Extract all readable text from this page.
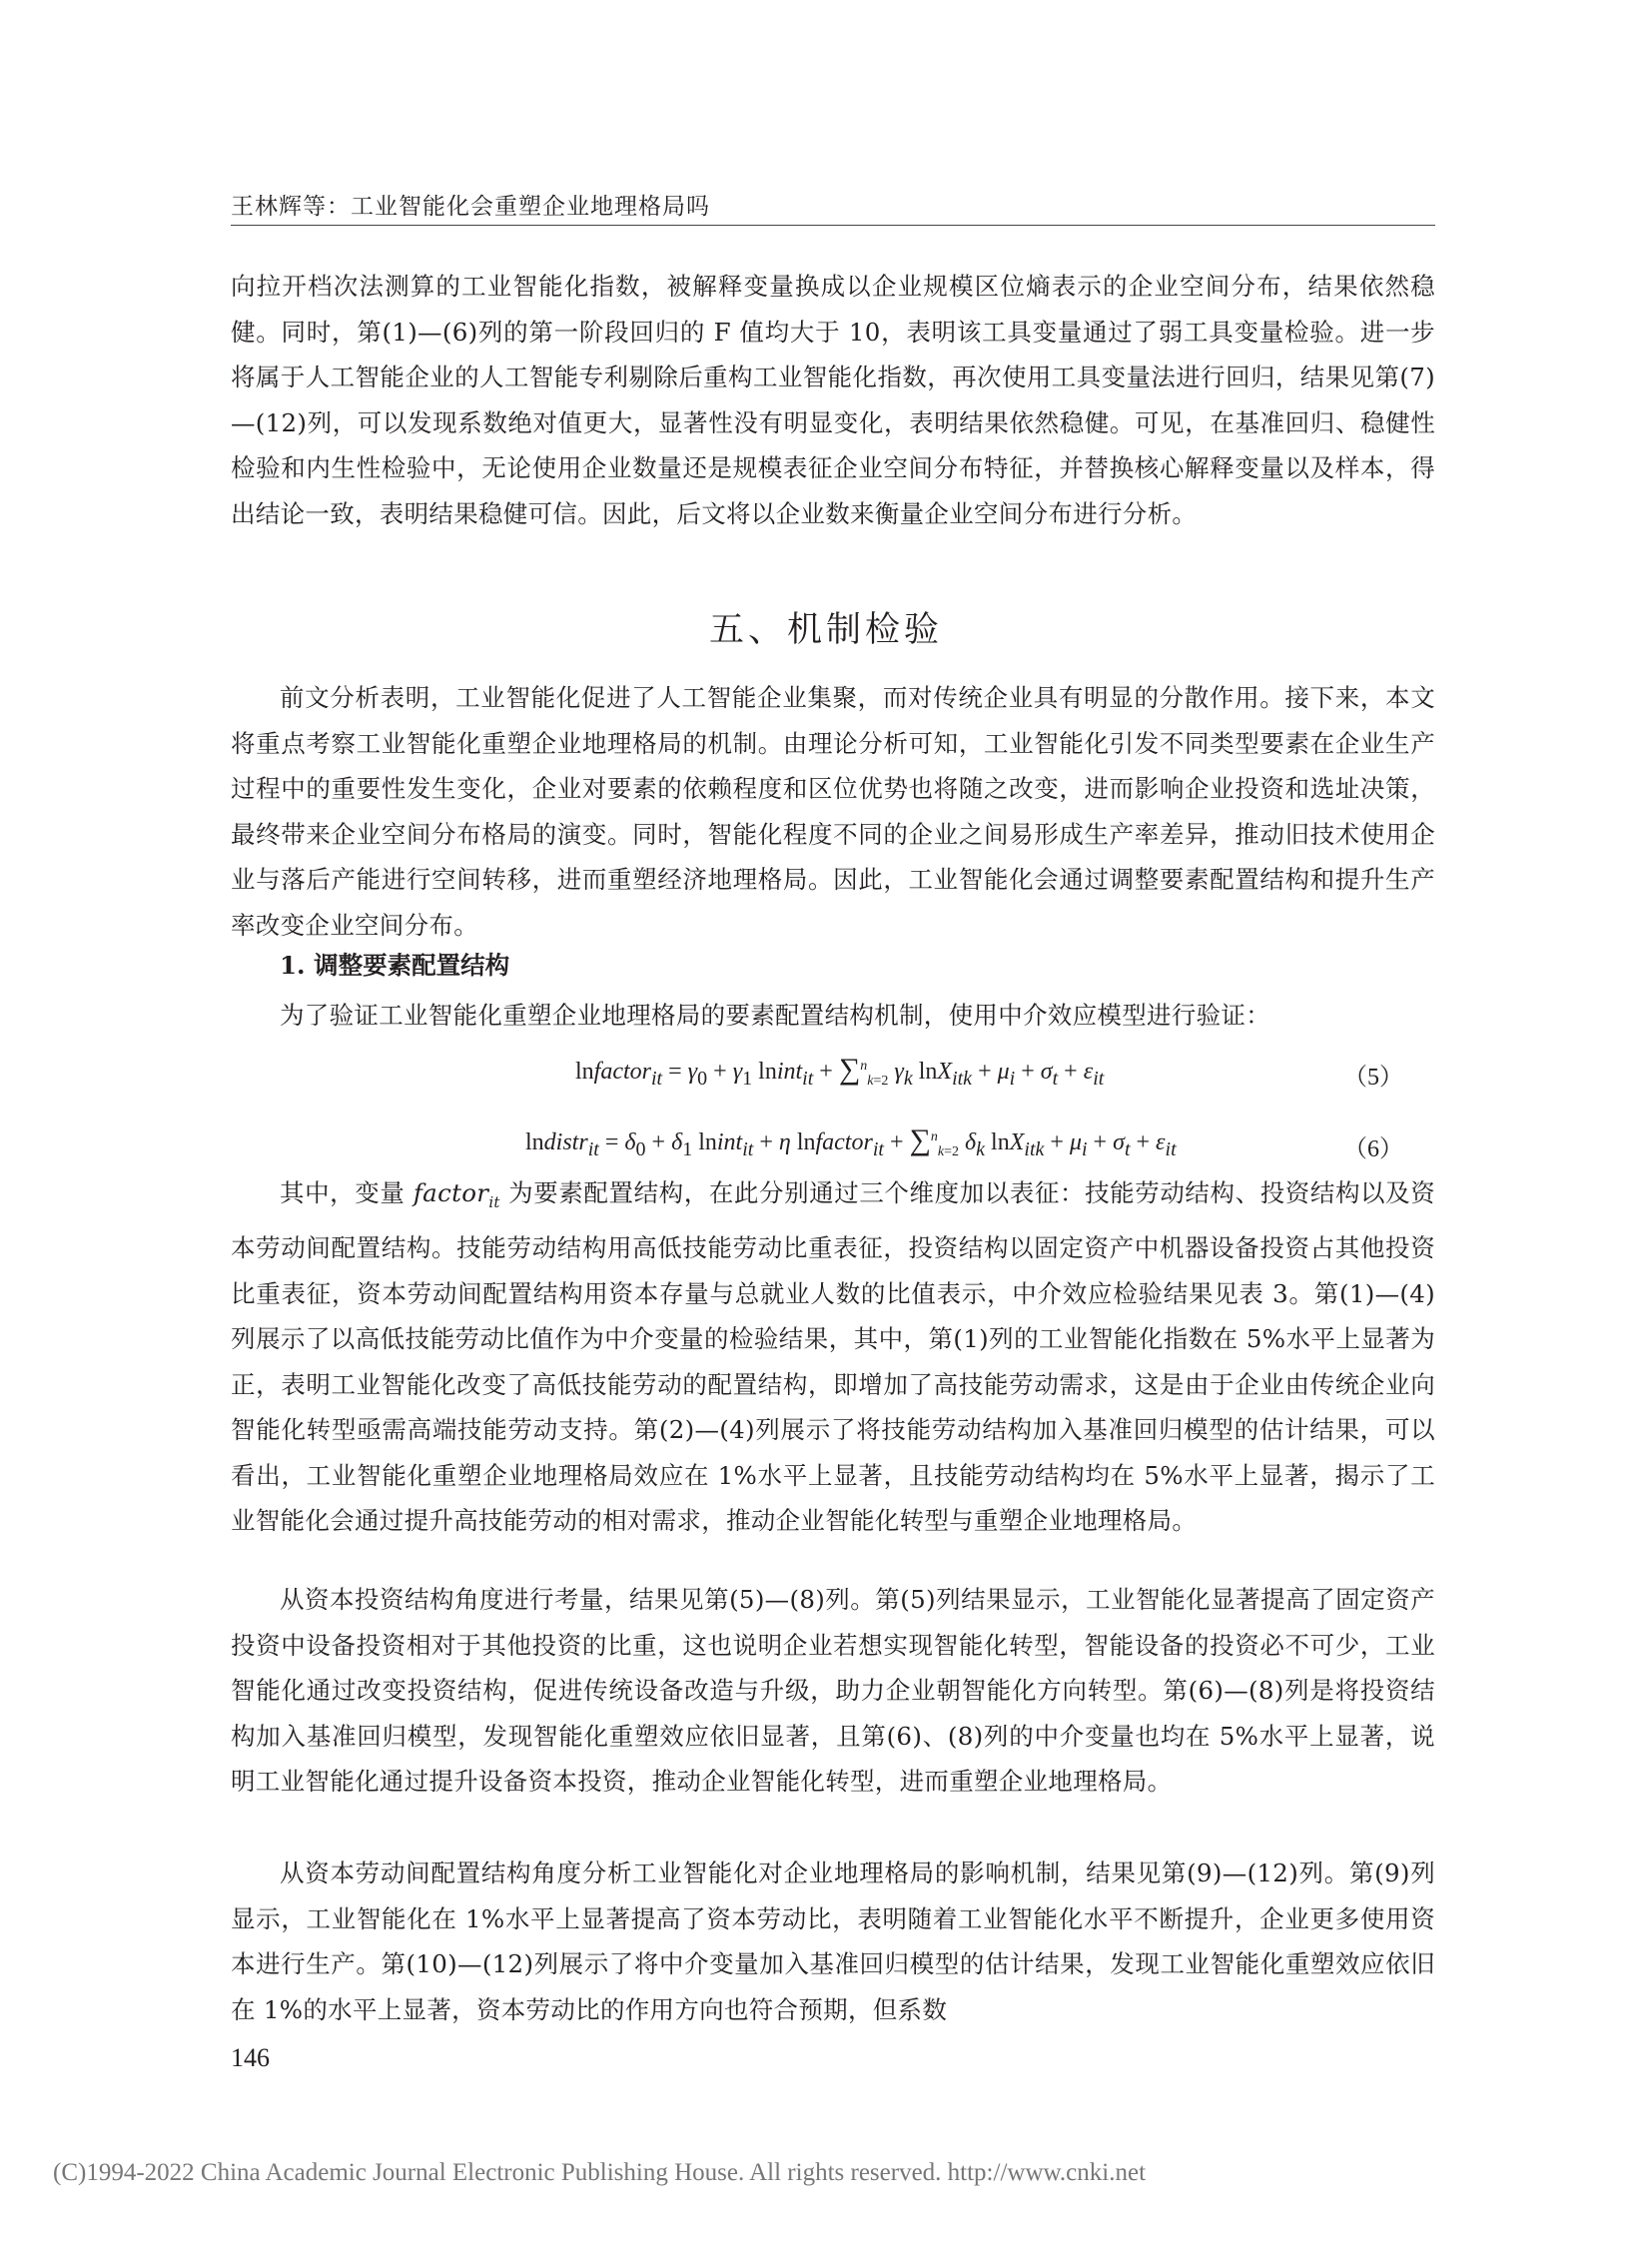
王林辉等：工业智能化会重塑企业地理格局吗

向拉开档次法测算的工业智能化指数，被解释变量换成以企业规模区位熵表示的企业空间分布，结果依然稳健。同时，第(1)—(6)列的第一阶段回归的 F 值均大于 10，表明该工具变量通过了弱工具变量检验。进一步将属于人工智能企业的人工智能专利剔除后重构工业智能化指数，再次使用工具变量法进行回归，结果见第(7)—(12)列，可以发现系数绝对值更大，显著性没有明显变化，表明结果依然稳健。可见，在基准回归、稳健性检验和内生性检验中，无论使用企业数量还是规模表征企业空间分布特征，并替换核心解释变量以及样本，得出结论一致，表明结果稳健可信。因此，后文将以企业数来衡量企业空间分布进行分析。

五、机制检验

前文分析表明，工业智能化促进了人工智能企业集聚，而对传统企业具有明显的分散作用。接下来，本文将重点考察工业智能化重塑企业地理格局的机制。由理论分析可知，工业智能化引发不同类型要素在企业生产过程中的重要性发生变化，企业对要素的依赖程度和区位优势也将随之改变，进而影响企业投资和选址决策，最终带来企业空间分布格局的演变。同时，智能化程度不同的企业之间易形成生产率差异，推动旧技术使用企业与落后产能进行空间转移，进而重塑经济地理格局。因此，工业智能化会通过调整要素配置结构和提升生产率改变企业空间分布。

1. 调整要素配置结构

为了验证工业智能化重塑企业地理格局的要素配置结构机制，使用中介效应模型进行验证：

lnfactor$_{it}$ = $\gamma_0 + \gamma_1$ lnint$_{it}$ + ∑$^n_{k=2}$ $\gamma_k$ $\ln X_{itk} + \mu_i + \sigma_t + \varepsilon_{it}$	（5）
lndistr$_{it}$ = $\delta_0 + \delta_1$ lnint$_{it}$ + η lnfactor$_{it}$ + ∑$^n_{k=2}$ $\delta_k$ $\ln X_{itk} + \mu_i + \sigma_t + \varepsilon_{it}$	（6）

其中，变量 factor$_{it}$ 为要素配置结构，在此分别通过三个维度加以表征：技能劳动结构、投资结构以及资本劳动间配置结构。技能劳动结构用高低技能劳动比重表征，投资结构以固定资产中机器设备投资占其他投资比重表征，资本劳动间配置结构用资本存量与总就业人数的比值表示，中介效应检验结果见表 3。第(1)—(4)列展示了以高低技能劳动比值作为中介变量的检验结果，其中，第(1)列的工业智能化指数在 5%水平上显著为正，表明工业智能化改变了高低技能劳动的配置结构，即增加了高技能劳动需求，这是由于企业由传统企业向智能化转型亟需高端技能劳动支持。第(2)—(4)列展示了将技能劳动结构加入基准回归模型的估计结果，可以看出，工业智能化重塑企业地理格局效应在 1%水平上显著，且技能劳动结构均在 5%水平上显著，揭示了工业智能化会通过提升高技能劳动的相对需求，推动企业智能化转型与重塑企业地理格局。

从资本投资结构角度进行考量，结果见第(5)—(8)列。第(5)列结果显示，工业智能化显著提高了固定资产投资中设备投资相对于其他投资的比重，这也说明企业若想实现智能化转型，智能设备的投资必不可少，工业智能化通过改变投资结构，促进传统设备改造与升级，助力企业朝智能化方向转型。第(6)—(8)列是将投资结构加入基准回归模型，发现智能化重塑效应依旧显著，且第(6)、(8)列的中介变量也均在 5%水平上显著，说明工业智能化通过提升设备资本投资，推动企业智能化转型，进而重塑企业地理格局。

从资本劳动间配置结构角度分析工业智能化对企业地理格局的影响机制，结果见第(9)—(12)列。第(9)列显示，工业智能化在 1%水平上显著提高了资本劳动比，表明随着工业智能化水平不断提升，企业更多使用资本进行生产。第(10)—(12)列展示了将中介变量加入基准回归模型的估计结果，发现工业智能化重塑效应依旧在 1%的水平上显著，资本劳动比的作用方向也符合预期，但系数

146
(C)1994-2022 China Academic Journal Electronic Publishing House. All rights reserved. http://www.cnki.net
